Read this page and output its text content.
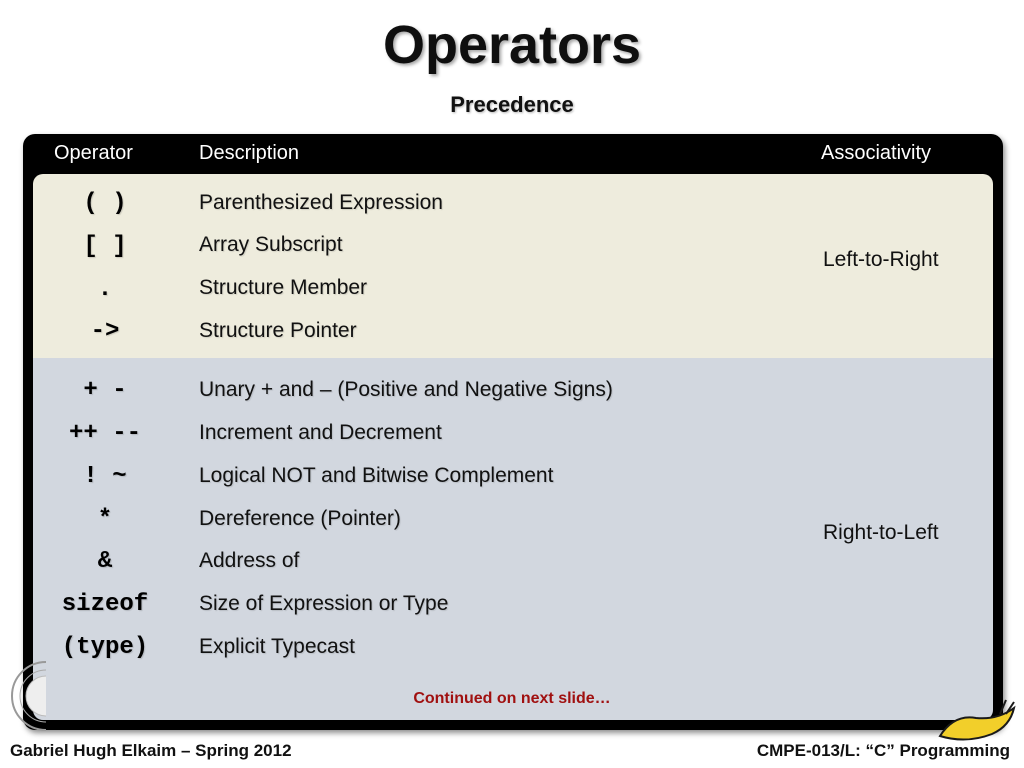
Operators
Precedence
Operator	Description	Associativity
( )	Parenthesized Expression
[ ]	Array Subscript
.	Structure Member
->	Structure Pointer
Left-to-Right
+ -	Unary + and – (Positive and Negative Signs)
++ --	Increment and Decrement
! ~	Logical NOT and Bitwise Complement
*	Dereference (Pointer)
&	Address of
sizeof	Size of Expression or Type
(type)	Explicit Typecast
Right-to-Left
Continued on next slide…
Gabriel Hugh Elkaim – Spring 2012	CMPE-013/L: “C” Programming
